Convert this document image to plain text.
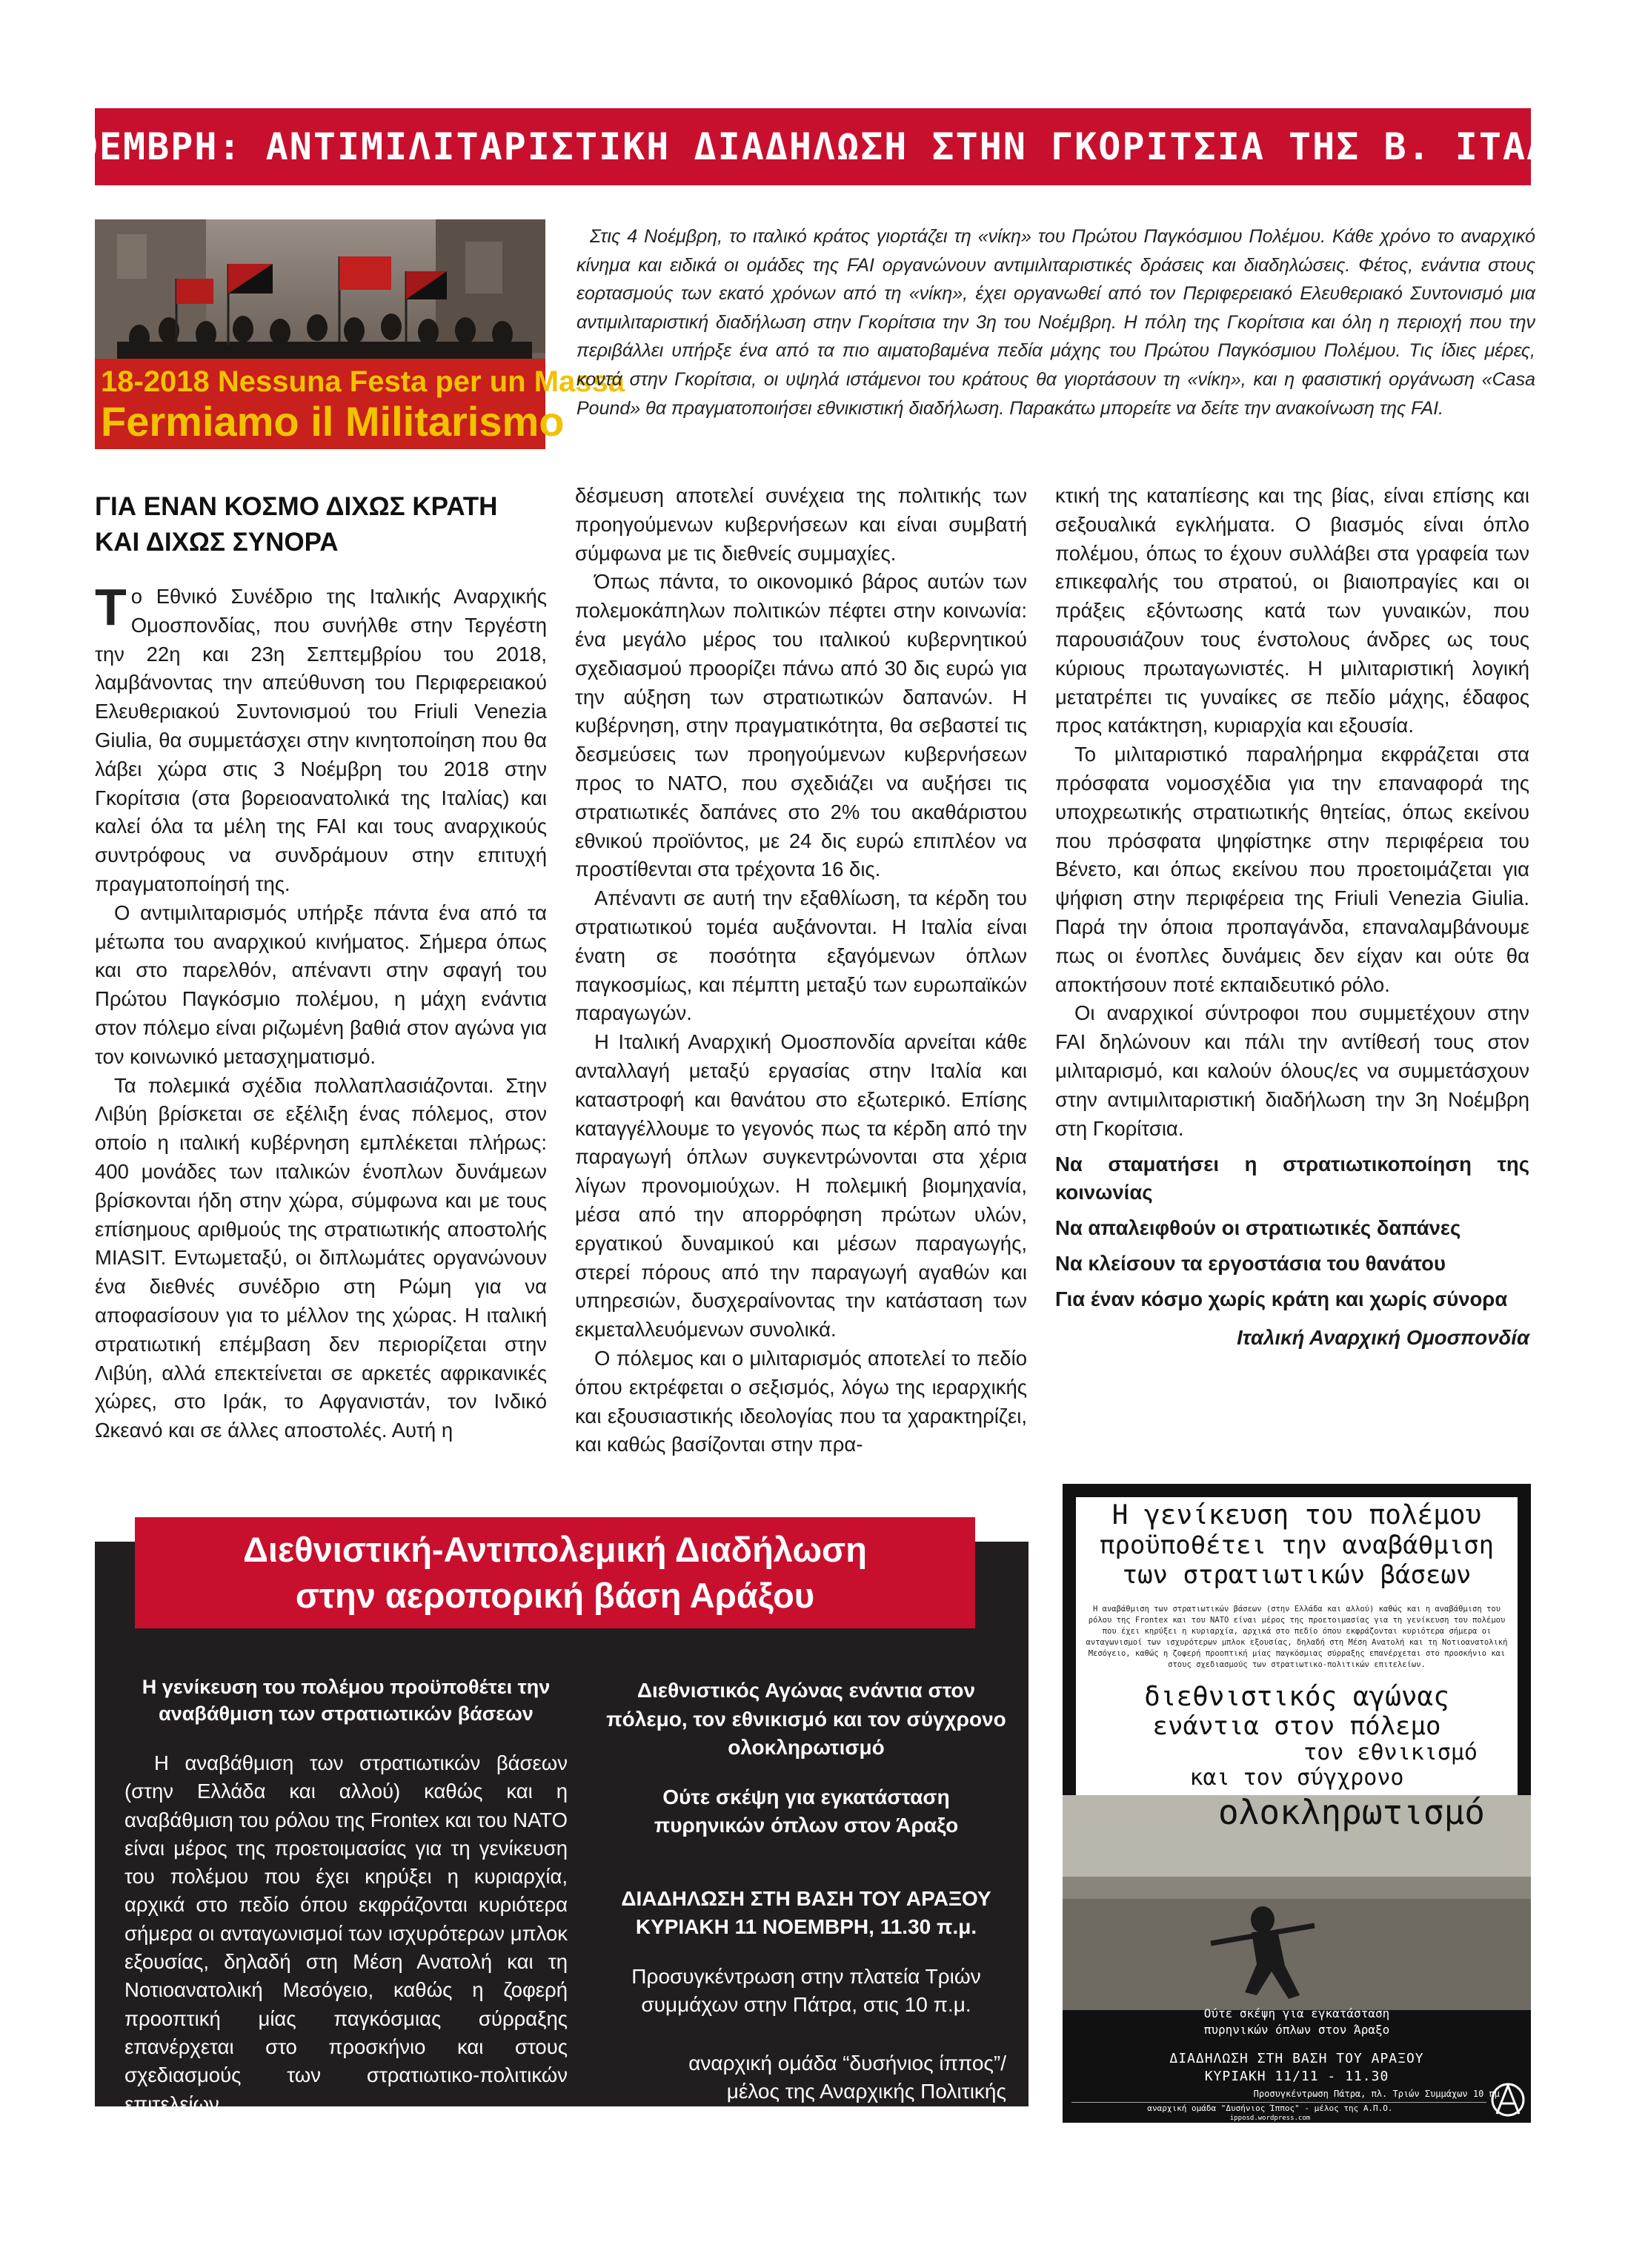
3 ΝΟΕΜΒΡΗ: ΑΝΤΙΜΙΛΙΤΑΡΙΣΤΙΚΗ ΔΙΑΔΗΛΩΣΗ ΣΤΗΝ ΓΚΟΡΙΤΣΙΑ ΤΗΣ Β. ΙΤΑΛΙΑΣ
18-2018 Nessuna Festa per un Massa
Fermiamo il Militarismo
Στις 4 Νοέμβρη, το ιταλικό κράτος γιορτάζει τη «νίκη» του Πρώτου Παγκόσμιου Πολέμου. Κάθε χρόνο το αναρχικό κίνημα και ειδικά οι ομάδες της FAI οργανώνουν αντιμιλιταριστικές δράσεις και διαδηλώσεις. Φέτος, ενάντια στους εορτασμούς των εκατό χρόνων από τη «νίκη», έχει οργανωθεί από τον Περιφερειακό Ελευθεριακό Συντονισμό μια αντιμιλιταριστική διαδήλωση στην Γκορίτσια την 3η του Νοέμβρη. Η πόλη της Γκορίτσια και όλη η περιοχή που την περιβάλλει υπήρξε ένα από τα πιο αιματοβαμένα πεδία μάχης του Πρώτου Παγκόσμιου Πολέμου. Τις ίδιες μέρες, κοντά στην Γκορίτσια, οι υψηλά ιστάμενοι του κράτους θα γιορτάσουν τη «νίκη», και η φασιστική οργάνωση «Casa Pound» θα πραγματοποιήσει εθνικιστική διαδήλωση. Παρακάτω μπορείτε να δείτε την ανακοίνωση της FAI.
ΓΙΑ ΕΝΑΝ ΚΟΣΜΟ ΔΙΧΩΣ ΚΡΑΤΗ ΚΑΙ ΔΙΧΩΣ ΣΥΝΟΡΑ

Το Εθνικό Συνέδριο της Ιταλικής Αναρχικής Ομοσπονδίας, που συνήλθε στην Τεργέστη την 22η και 23η Σεπτεμβρίου του 2018, λαμβάνοντας την απεύθυνση του Περιφερειακού Ελευθεριακού Συντονισμού του Friuli Venezia Giulia, θα συμμετάσχει στην κινητοποίηση που θα λάβει χώρα στις 3 Νοέμβρη του 2018 στην Γκορίτσια (στα βορειοανατολικά της Ιταλίας) και καλεί όλα τα μέλη της FAI και τους αναρχικούς συντρόφους να συνδράμουν στην επιτυχή πραγματοποίησή της.

Ο αντιμιλιταρισμός υπήρξε πάντα ένα από τα μέτωπα του αναρχικού κινήματος. Σήμερα όπως και στο παρελθόν, απέναντι στην σφαγή του Πρώτου Παγκόσμιο πολέμου, η μάχη ενάντια στον πόλεμο είναι ριζωμένη βαθιά στον αγώνα για τον κοινωνικό μετασχηματισμό.

Τα πολεμικά σχέδια πολλαπλασιάζονται. Στην Λιβύη βρίσκεται σε εξέλιξη ένας πόλεμος, στον οποίο η ιταλική κυβέρνηση εμπλέκεται πλήρως: 400 μονάδες των ιταλικών ένοπλων δυνάμεων βρίσκονται ήδη στην χώρα, σύμφωνα και με τους επίσημους αριθμούς της στρατιωτικής αποστολής MIASIT. Εντωμεταξύ, οι διπλωμάτες οργανώνουν ένα διεθνές συνέδριο στη Ρώμη για να αποφασίσουν για το μέλλον της χώρας. Η ιταλική στρατιωτική επέμβαση δεν περιορίζεται στην Λιβύη, αλλά επεκτείνεται σε αρκετές αφρικανικές χώρες, στο Ιράκ, το Αφγανιστάν, τον Ινδικό Ωκεανό και σε άλλες αποστολές. Αυτή η

δέσμευση αποτελεί συνέχεια της πολιτικής των προηγούμενων κυβερνήσεων και είναι συμβατή σύμφωνα με τις διεθνείς συμμαχίες.

Όπως πάντα, το οικονομικό βάρος αυτών των πολεμοκάπηλων πολιτικών πέφτει στην κοινωνία: ένα μεγάλο μέρος του ιταλικού κυβερνητικού σχεδιασμού προορίζει πάνω από 30 δις ευρώ για την αύξηση των στρατιωτικών δαπανών. Η κυβέρνηση, στην πραγματικότητα, θα σεβαστεί τις δεσμεύσεις των προηγούμενων κυβερνήσεων προς το ΝΑΤΟ, που σχεδιάζει να αυξήσει τις στρατιωτικές δαπάνες στο 2% του ακαθάριστου εθνικού προϊόντος, με 24 δις ευρώ επιπλέον να προστίθενται στα τρέχοντα 16 δις.

Απέναντι σε αυτή την εξαθλίωση, τα κέρδη του στρατιωτικού τομέα αυξάνονται. Η Ιταλία είναι ένατη σε ποσότητα εξαγόμενων όπλων παγκοσμίως, και πέμπτη μεταξύ των ευρωπαϊκών παραγωγών.

Η Ιταλική Αναρχική Ομοσπονδία αρνείται κάθε ανταλλαγή μεταξύ εργασίας στην Ιταλία και καταστροφή και θανάτου στο εξωτερικό. Επίσης καταγγέλλουμε το γεγονός πως τα κέρδη από την παραγωγή όπλων συγκεντρώνονται στα χέρια λίγων προνομιούχων. Η πολεμική βιομηχανία, μέσα από την απορρόφηση πρώτων υλών, εργατικού δυναμικού και μέσων παραγωγής, στερεί πόρους από την παραγωγή αγαθών και υπηρεσιών, δυσχεραίνοντας την κατάσταση των εκμεταλλευόμενων συνολικά.

Ο πόλεμος και ο μιλιταρισμός αποτελεί το πεδίο όπου εκτρέφεται ο σεξισμός, λόγω της ιεραρχικής και εξουσιαστικής ιδεολογίας που τα χαρακτηρίζει, και καθώς βασίζονται στην πρα-

κτική της καταπίεσης και της βίας, είναι επίσης και σεξουαλικά εγκλήματα. Ο βιασμός είναι όπλο πολέμου, όπως το έχουν συλλάβει στα γραφεία των επικεφαλής του στρατού, οι βιαιοπραγίες και οι πράξεις εξόντωσης κατά των γυναικών, που παρουσιάζουν τους ένστολους άνδρες ως τους κύριους πρωταγωνιστές. Η μιλιταριστική λογική μετατρέπει τις γυναίκες σε πεδίο μάχης, έδαφος προς κατάκτηση, κυριαρχία και εξουσία.

Το μιλιταριστικό παραλήρημα εκφράζεται στα πρόσφατα νομοσχέδια για την επαναφορά της υποχρεωτικής στρατιωτικής θητείας, όπως εκείνου που πρόσφατα ψηφίστηκε στην περιφέρεια του Βένετο, και όπως εκείνου που προετοιμάζεται για ψήφιση στην περιφέρεια της Friuli Venezia Giulia. Παρά την όποια προπαγάνδα, επαναλαμβάνουμε πως οι ένοπλες δυνάμεις δεν είχαν και ούτε θα αποκτήσουν ποτέ εκπαιδευτικό ρόλο.

Οι αναρχικοί σύντροφοι που συμμετέχουν στην FAI δηλώνουν και πάλι την αντίθεσή τους στον μιλιταρισμό, και καλούν όλους/ες να συμμετάσχουν στην αντιμιλιταριστική διαδήλωση την 3η Νοέμβρη στη Γκορίτσια.

Να σταματήσει η στρατιωτικοποίηση της κοινωνίας

Να απαλειφθούν οι στρατιωτικές δαπάνες

Να κλείσουν τα εργοστάσια του θανάτου

Για έναν κόσμο χωρίς κράτη και χωρίς σύνορα

Ιταλική Αναρχική Ομοσπονδία

Διεθνιστική-Αντιπολεμική Διαδήλωση
στην αεροπορική βάση Αράξου
Η γενίκευση του πολέμου προϋποθέτει την αναβάθμιση των στρατιωτικών βάσεων

Η αναβάθμιση των στρατιωτικών βάσεων (στην Ελλάδα και αλλού) καθώς και η αναβάθμιση του ρόλου της Frontex και του ΝΑΤΟ είναι μέρος της προετοιμασίας για τη γενίκευση του πολέμου που έχει κηρύξει η κυριαρχία, αρχικά στο πεδίο όπου εκφράζονται κυριότερα σήμερα οι ανταγωνισμοί των ισχυρότερων μπλοκ εξουσίας, δηλαδή στη Μέση Ανατολή και τη Νοτιοανατολική Μεσόγειο, καθώς η ζοφερή προοπτική μίας παγκόσμιας σύρραξης επανέρχεται στο προσκήνιο και στους σχεδιασμούς των στρατιωτικο-πολιτικών επιτελείων.

Διεθνιστικός Αγώνας ενάντια στον πόλεμο, τον εθνικισμό και τον σύγχρονο ολοκληρωτισμό
Ούτε σκέψη για εγκατάσταση πυρηνικών όπλων στον Άραξο
ΔΙΑΔΗΛΩΣΗ ΣΤΗ ΒΑΣΗ ΤΟΥ ΑΡΑΞΟΥ
ΚΥΡΙΑΚΗ 11 ΝΟΕΜΒΡΗ, 11.30 π.μ.
Προσυγκέντρωση στην πλατεία Τριών συμμάχων στην Πάτρα, στις 10 π.μ.
αναρχική ομάδα “δυσήνιος ίππος”/ μέλος της Αναρχικής Πολιτικής Οργάνωσης
Η γενίκευση του πολέμου
προϋποθέτει την αναβάθμιση
των στρατιωτικών βάσεων
Η αναβάθμιση των στρατιωτικών βάσεων (στην Ελλάδα και αλλού) καθώς και η αναβάθμιση του ρόλου της Frontex και του ΝΑΤΟ είναι μέρος της προετοιμασίας για τη γενίκευση του πολέμου που έχει κηρύξει η κυριαρχία, αρχικά στο πεδίο όπου εκφράζονται κυριότερα σήμερα οι ανταγωνισμοί των ισχυρότερων μπλοκ εξουσίας, δηλαδή στη Μέση Ανατολή και τη Νοτιοανατολική Μεσόγειο, καθώς η ζοφερή προοπτική μίας παγκόσμιας σύρραξης επανέρχεται στο προσκήνιο και στους σχεδιασμούς των στρατιωτικο-πολιτικών επιτελείων.
διεθνιστικός αγώνας
ενάντια στον πόλεμο
τον εθνικισμό
και τον σύγχρονο
ολοκληρωτισμό
Ούτε σκέψη για εγκατάσταση
πυρηνικών όπλων στον Άραξο
ΔΙΑΔΗΛΩΣΗ ΣΤΗ ΒΑΣΗ ΤΟΥ ΑΡΑΞΟΥ
ΚΥΡΙΑΚΗ 11/11 - 11.30
Προσυγκέντρωση Πάτρα, πλ. Τριών Συμμάχων 10 πμ
αναρχική ομάδα "Δυσήνιος Ίππος" - μέλος της Α.Π.Ο.
ipposd.wordpress.com
